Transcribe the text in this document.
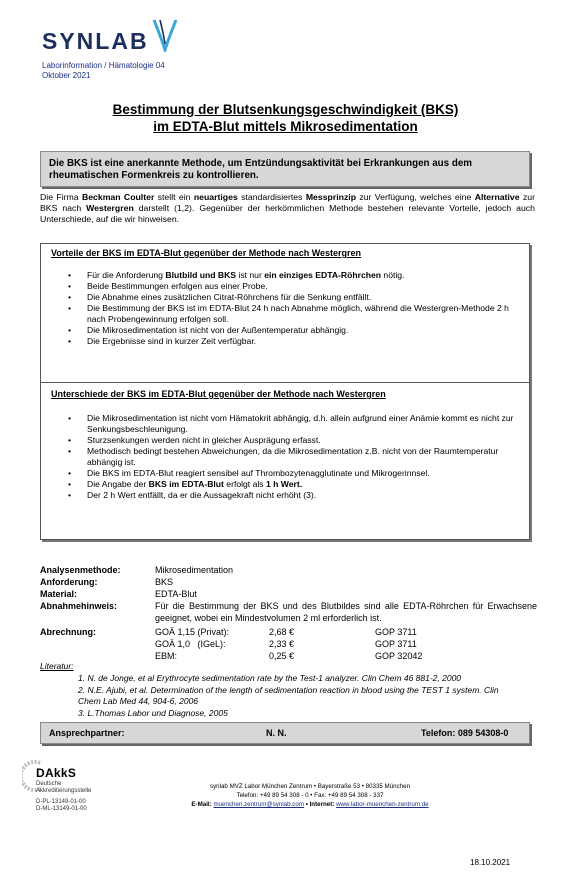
SYNLAB
Laborinformation / Hämatologie 04
Oktober 2021
Bestimmung der Blutsenkungsgeschwindigkeit (BKS)
im EDTA-Blut mittels Mikrosedimentation
Die BKS ist eine anerkannte Methode, um Entzündungsaktivität bei Erkrankungen aus dem rheumatischen Formenkreis zu kontrollieren.
Die Firma Beckman Coulter stellt ein neuartiges standardisiertes Messprinzip zur Verfügung, welches eine Alternative zur BKS nach Westergren darstellt (1,2). Gegenüber der herkömmlichen Methode bestehen relevante Vorteile, jedoch auch Unterschiede, auf die wir hinweisen.
Vorteile der BKS im EDTA-Blut gegenüber der Methode nach Westergren
• Für die Anforderung Blutbild und BKS ist nur ein einziges EDTA-Röhrchen nötig.
• Beide Bestimmungen erfolgen aus einer Probe.
• Die Abnahme eines zusätzlichen Citrat-Röhrchens für die Senkung entfällt.
• Die Bestimmung der BKS ist im EDTA-Blut 24 h nach Abnahme möglich, während die Westergren-Methode 2 h nach Probengewinnung erfolgen soll.
• Die Mikrosedimentation ist nicht von der Außentemperatur abhängig.
• Die Ergebnisse sind in kurzer Zeit verfügbar.
Unterschiede der BKS im EDTA-Blut gegenüber der Methode nach Westergren
• Die Mikrosedimentation ist nicht vom Hämatokrit abhängig, d.h. allein aufgrund einer Anämie kommt es nicht zur Senkungsbeschleunigung.
• Sturzsenkungen werden nicht in gleicher Ausprägung erfasst.
• Methodisch bedingt bestehen Abweichungen, da die Mikrosedimentation z.B. nicht von der Raumtemperatur abhängig ist.
• Die BKS im EDTA-Blut reagiert sensibel auf Thrombozytenagglutinate und Mikrogerinnsel.
• Die Angabe der BKS im EDTA-Blut erfolgt als 1 h Wert.
• Der 2 h Wert entfällt, da er die Aussagekraft nicht erhöht (3).
Analysenmethode:	Mikrosedimentation
Anforderung:	BKS
Material:	EDTA-Blut
Abnahmehinweis:	Für die Bestimmung der BKS und des Blutbildes sind alle EDTA-Röhrchen für Erwachsene geeignet, wobei ein Mindestvolumen 2 ml erforderlich ist.
Abrechnung:	GOÄ 1,15 (Privat):	2,68 €	GOP 3711
GOÄ 1,0   (IGeL):	2,33 €	GOP 3711
EBM:	0,25 €	GOP 32042
Literatur:
1. N. de Jonge, et al Erythrocyte sedimentation rate by the Test-1 analyzer. Clin Chem 46 881-2, 2000
2. N.E. Ajubi, et al. Determination of the length of sedimentation reaction in blood using the TEST 1 system. Clin Chem Lab Med 44, 904-6, 2006
3. L.Thomas Labor und Diagnose, 2005
Ansprechpartner:	N. N.	Telefon: 089 54308-0
DAkkS
Deutsche
Akkreditierungsstelle
D-PL-13149-01-00
D-ML-13149-01-00
synlab MVZ Labor München Zentrum • Bayerstraße 53 • 80335 München
Telefon: +49 89 54 308 - 0 • Fax: +49 89 54 308 - 337
E-Mail: muenchen.zentrum@synlab.com • Internet: www.labor-muenchen-zentrum.de
18.10.2021
